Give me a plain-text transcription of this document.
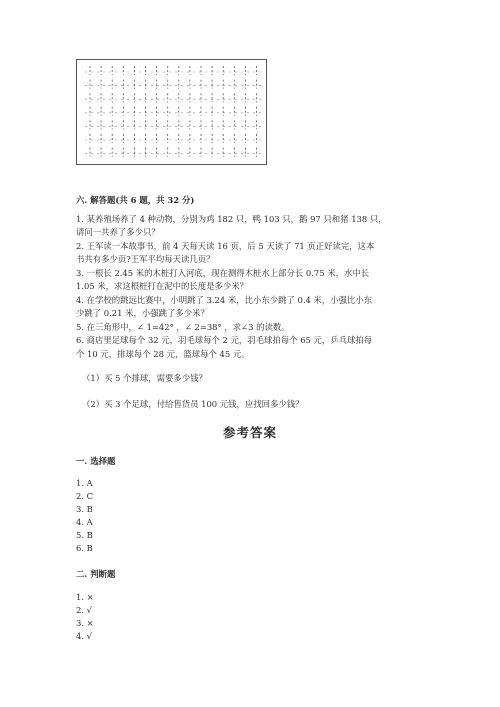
六. 解答题(共 6 题，共 32 分)
1. 某养殖场养了 4 种动物，分别为鸡 182 只，鸭 103 只，鹅 97 只和猪 138 只，
请问一共养了多少只？
2. 王军读一本故事书，前 4 天每天读 16 页，后 5 天读了 71 页正好读完，这本
书共有多少页?王军平均每天读几页？
3. 一根长 2.45 米的木桩打入河底，现在测得木桩水上部分长 0.75 米，水中长
1.05 米，求这根桩打在泥中的长度是多少米？
4. 在学校的跳远比赛中，小明跳了 3.24 米，比小东少跳了 0.4 米，小强比小东
少跳了 0.21 米，小强跳了多少米？
5. 在三角形中，∠ 1=42° ，∠ 2=38° ，求∠3 的读数。
6. 商店里足球每个 32 元，羽毛球每个 2 元，羽毛球拍每个 65 元，乒乓球拍每
个 10 元，排球每个 28 元，篮球每个 45 元。
（1）买 5 个排球，需要多少钱？
（2）买 3 个足球，付给售货员 100 元钱，应找回多少钱？
参考答案
一. 选择题
1. A
2. C
3. B
4. A
5. B
6. B
二. 判断题
1. ×
2. √
3. ×
4. √
